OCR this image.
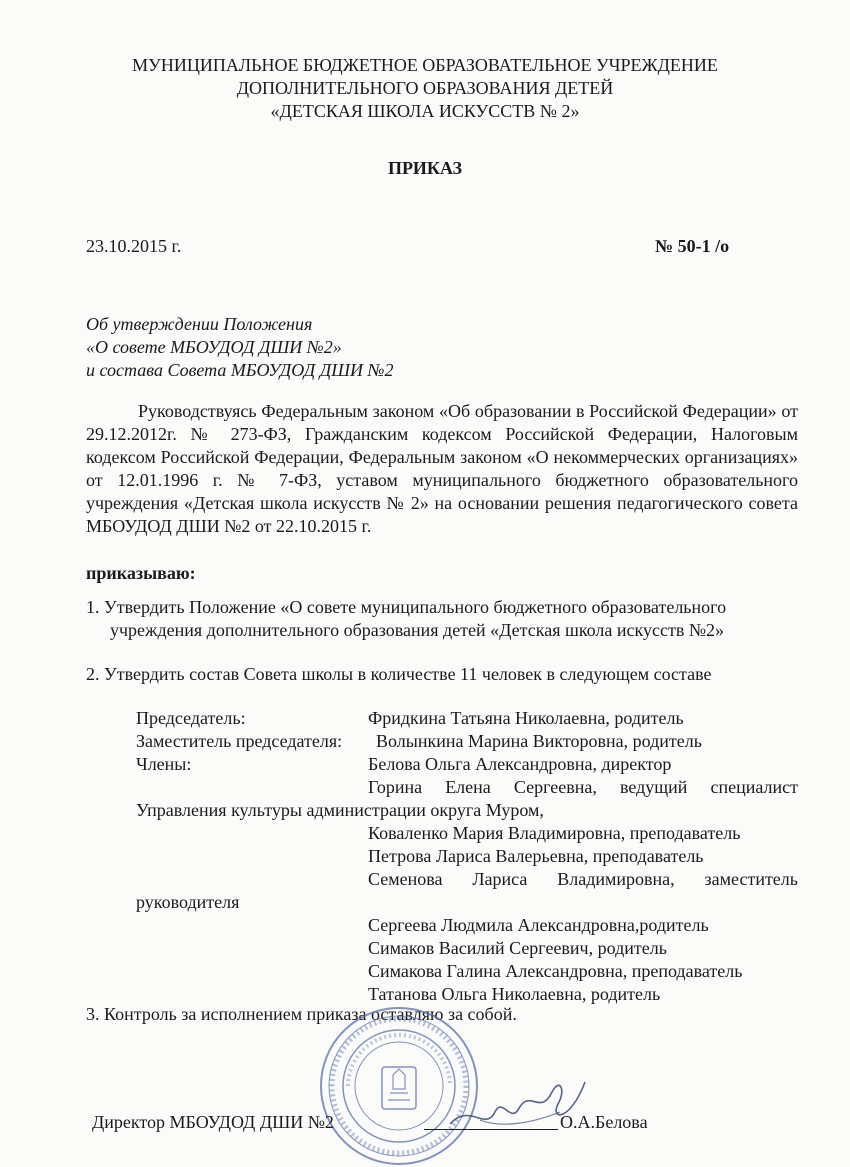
МУНИЦИПАЛЬНОЕ БЮДЖЕТНОЕ ОБРАЗОВАТЕЛЬНОЕ УЧРЕЖДЕНИЕ
ДОПОЛНИТЕЛЬНОГО ОБРАЗОВАНИЯ ДЕТЕЙ
«ДЕТСКАЯ ШКОЛА ИСКУССТВ № 2»
ПРИКАЗ
23.10.2015 г.	№ 50-1 /о
Об утверждении Положения
«О совете МБОУДОД ДШИ №2»
и состава Совета МБОУДОД ДШИ №2
Руководствуясь Федеральным законом «Об образовании в Российской Федерации» от 29.12.2012г. № 273-ФЗ, Гражданским кодексом Российской Федерации, Налоговым кодексом Российской Федерации, Федеральным законом «О некоммерческих организациях» от 12.01.1996 г. № 7-ФЗ, уставом муниципального бюджетного образовательного учреждения «Детская школа искусств № 2» на основании решения педагогического совета МБОУДОД ДШИ №2 от 22.10.2015 г.
приказываю:
1. Утвердить Положение «О совете муниципального бюджетного образовательного
учреждения дополнительного образования детей «Детская школа искусств №2»
2. Утвердить состав Совета школы в количестве 11 человек в следующем составе
Председатель:	Фридкина Татьяна Николаевна, родитель
Заместитель председателя: Волынкина Марина Викторовна, родитель
Члены:	Белова Ольга Александровна, директор
Горина Елена Сергеевна, ведущий специалист
Управления культуры администрации округа Муром,
Коваленко Мария Владимировна, преподаватель
Петрова Лариса Валерьевна, преподаватель
Семенова Лариса Владимировна, заместитель
руководителя
Сергеева Людмила Александровна,родитель
Симаков Василий Сергеевич, родитель
Симакова Галина Александровна, преподаватель
Татанова Ольга Николаевна, родитель
3. Контроль за исполнением приказа оставляю за собой.
Директор МБОУДОД ДШИ №2	О.А.Белова
